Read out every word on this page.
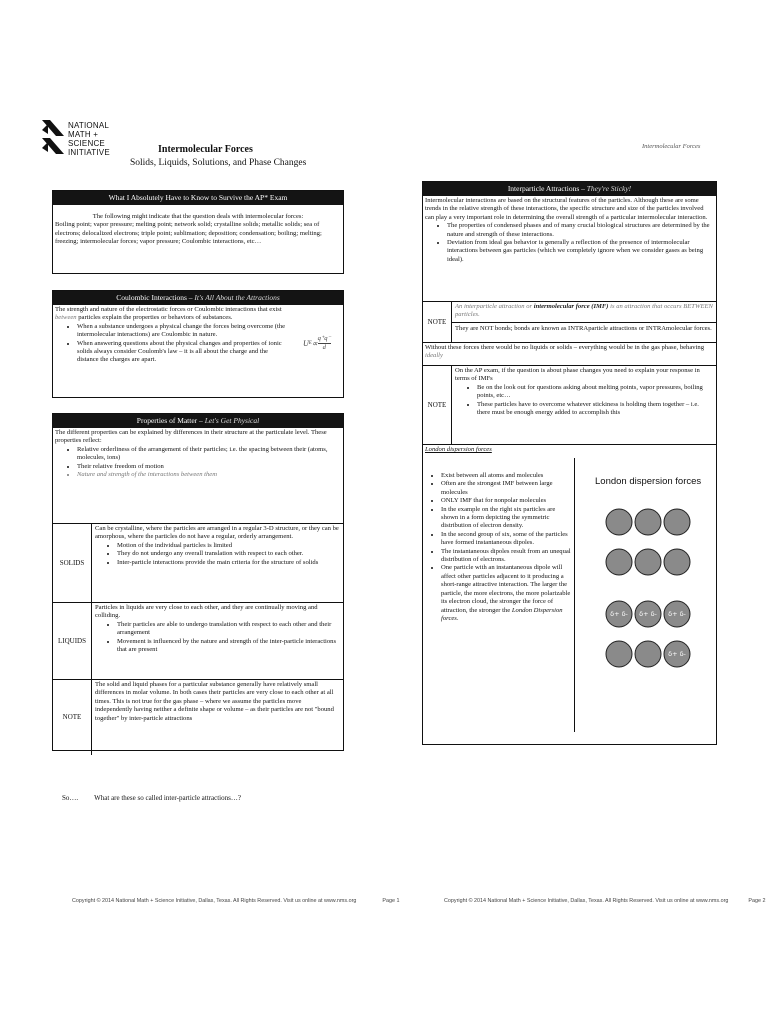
NATIONAL
MATH + SCIENCE
INITIATIVE	Intermolecular Forces
Solids, Liquids, Solutions, and Phase Changes
What I Absolutely Have to Know to Survive the AP* Exam
The following might indicate that the question deals with intermolecular forces:
Boiling point; vapor pressure; melting point; network solid; crystalline solids; metallic solids; sea of electrons; delocalized electrons; triple point; sublimation; deposition; condensation; boiling; melting; freezing; intermolecular forces; vapor pressure; Coulombic interactions, etc…
Coulombic Interactions – It's All About the Attractions
The strength and nature of the electrostatic forces or Coulombic interactions that exist between particles explain the properties or behaviors of substances.
• When a substance undergoes a physical change the forces being overcome (the intermolecular interactions) are Coulombic in nature.
• When answering questions about the physical changes and properties of ionic solids always consider Coulomb's law – it is all about the charge and the distance the charges are apart.
U E ∝
q⁺q⁻
d
Properties of Matter – Let's Get Physical
The different properties can be explained by differences in their structure at the particulate level. These properties reflect:
• Relative orderliness of the arrangement of their particles; i.e. the spacing between their (atoms, molecules, ions)
• Their relative freedom of motion
• Nature and strength of the interactions between them
SOLIDS
Can be crystalline, where the particles are arranged in a regular 3-D structure, or they can be amorphous, where the particles do not have a regular, orderly arrangement.
• Motion of the individual particles is limited
• They do not undergo any overall translation with respect to each other.
• Inter-particle interactions provide the main criteria for the structure of solids
LIQUIDS
Particles in liquids are very close to each other, and they are continually moving and colliding.
• Their particles are able to undergo translation with respect to each other and their arrangement
• Movement is influenced by the nature and strength of the inter-particle interactions that are present
NOTE
The solid and liquid phases for a particular substance generally have relatively small differences in molar volume. In both cases their particles are very close to each other at all times. This is not true for the gas phase – where we assume the particles move independently having neither a definite shape or volume – as their particles are not "bound together" by inter-particle attractions
So…. What are these so called inter-particle attractions…?
Copyright © 2014 National Math + Science Initiative, Dallas, Texas. All Rights Reserved. Visit us online at www.nms.org	Page 1
Intermolecular Forces
Interparticle Attractions – They're Sticky!
Intermolecular interactions are based on the structural features of the particles. Although these are some trends in the relative strength of these interactions, the specific structure and size of the particles involved can play a very important role in determining the overall strength of a particular intermolecular interaction.
• The properties of condensed phases and of many crucial biological structures are determined by the nature and strength of these interactions.
• Deviation from ideal gas behavior is generally a reflection of the presence of intermolecular interactions between gas particles (which we completely ignore when we consider gases as being ideal).
NOTE
An interparticle attraction or intermolecular force (IMF) is an attraction that occurs BETWEEN particles.
They are NOT bonds; bonds are known as INTRAparticle attractions or INTRAmolecular forces.
Without these forces there would be no liquids or solids – everything would be in the gas phase, behaving ideally
NOTE
On the AP exam, if the question is about phase changes you need to explain your response in terms of IMFs
• Be on the look out for questions asking about melting points, vapor pressures, boiling points, etc…
• These particles have to overcome whatever stickiness is holding them together – i.e. there must be enough energy added to accomplish this
London dispersion forces
• Exist between all atoms and molecules
• Often are the strongest IMF between large molecules
• ONLY IMF that for nonpolar molecules
• In the example on the right six particles are shown in a form depicting the symmetric distribution of electron density.
• In the second group of six, some of the particles have formed instantaneous dipoles.
• The instantaneous dipoles result from an unequal distribution of electrons.
• One particle with an instantaneous dipole will affect other particles adjacent to it producing a short-range attractive interaction. The larger the particle, the more electrons, the more polarizable its electron cloud, the stronger the force of attraction, the stronger the London Dispersion forces.
London dispersion forces
δ+ δ- δ+ δ- δ+ δ-
δ+ δ-
Copyright © 2014 National Math + Science Initiative, Dallas, Texas. All Rights Reserved. Visit us online at www.nms.org	Page 2
